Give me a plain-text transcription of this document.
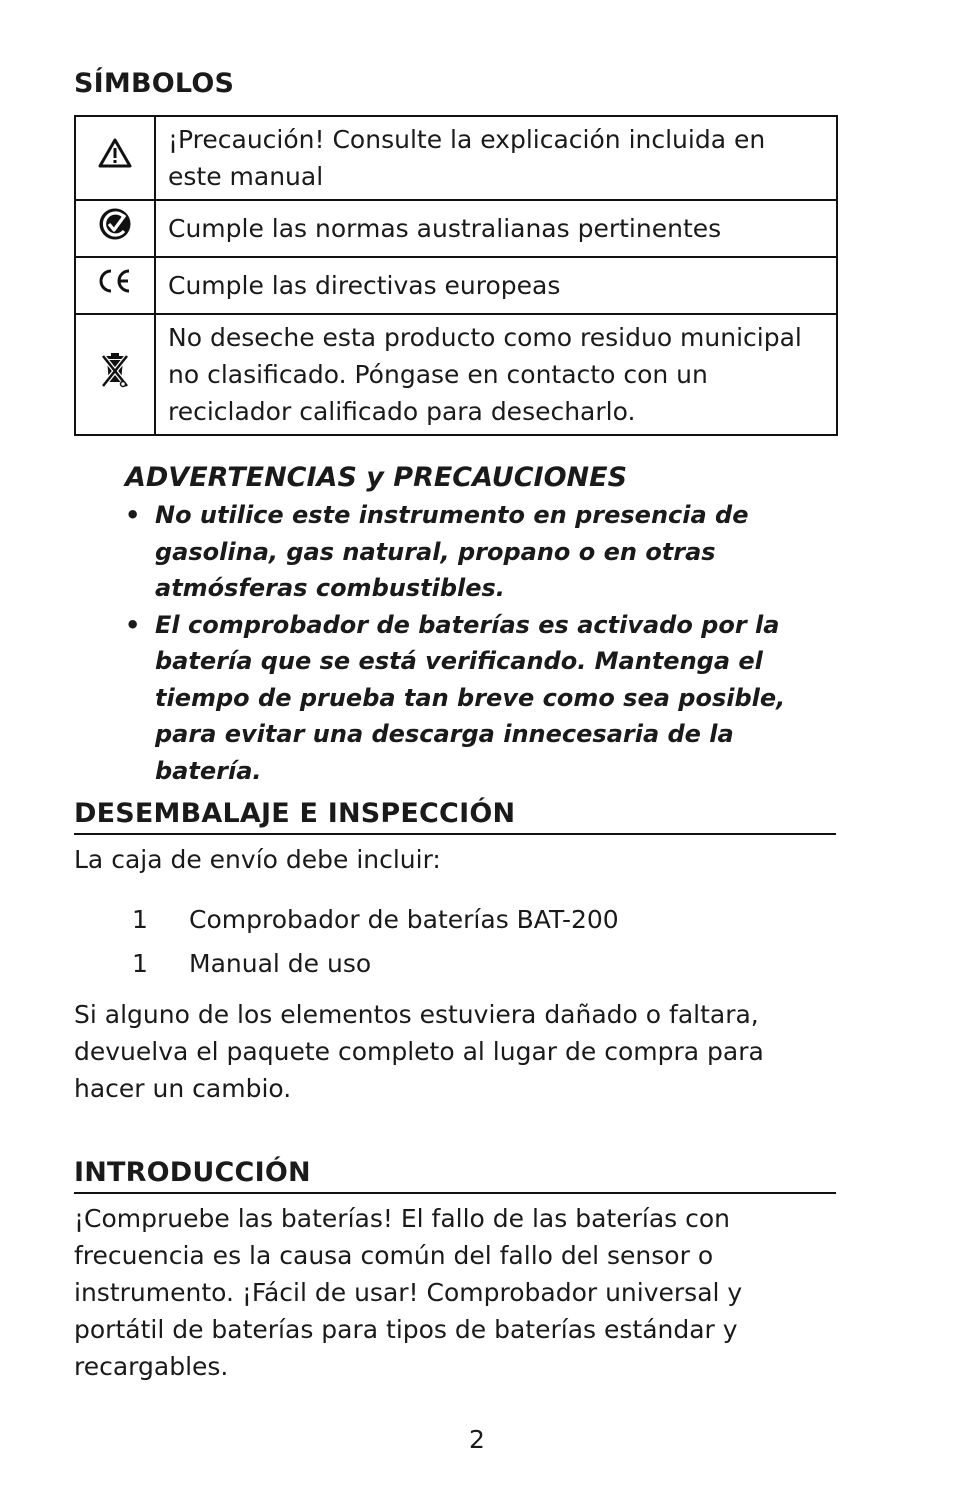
SÍMBOLOS
	¡Precaución! Consulte la explicación incluida en este manual
	Cumple las normas australianas pertinentes
	Cumple las directivas europeas
	No deseche esta producto como residuo municipal no clasificado. Póngase en contacto con un reciclador calificado para desecharlo.
ADVERTENCIAS y PRECAUCIONES
• No utilice este instrumento en presencia de gasolina, gas natural, propano o en otras atmósferas combustibles.
• El comprobador de baterías es activado por la batería que se está verificando. Mantenga el tiempo de prueba tan breve como sea posible, para evitar una descarga innecesaria de la batería.
DESEMBALAJE E INSPECCIÓN

La caja de envío debe incluir:

1 Comprobador de baterías BAT-200
1 Manual de uso

Si alguno de los elementos estuviera dañado o faltara, devuelva el paquete completo al lugar de compra para hacer un cambio.

INTRODUCCIÓN

¡Compruebe las baterías! El fallo de las baterías con frecuencia es la causa común del fallo del sensor o instrumento. ¡Fácil de usar! Comprobador universal y portátil de baterías para tipos de baterías estándar y recargables.

2
